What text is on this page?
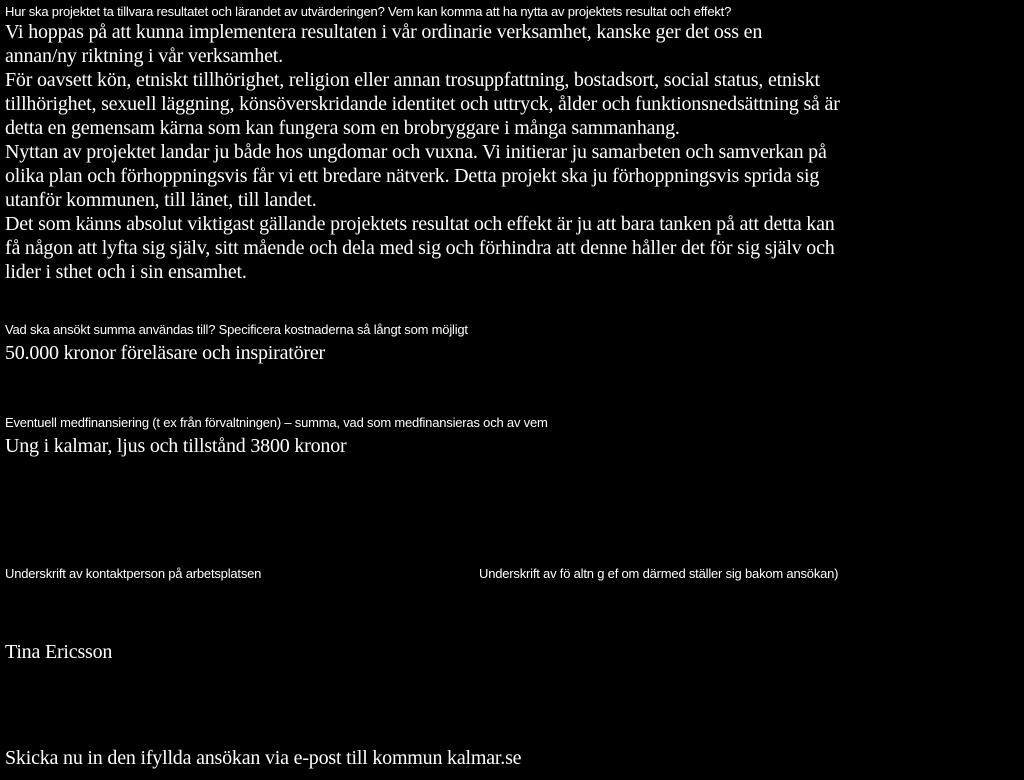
Hur ska projektet ta tillvara resultatet och lärandet av utvärderingen? Vem kan komma att ha nytta av projektets resultat och effekt?
Vi hoppas på att kunna implementera resultaten i vår ordinarie verksamhet, kanske ger det oss en
annan/ny riktning i vår verksamhet.
För oavsett kön, etniskt tillhörighet, religion eller annan trosuppfattning, bostadsort, social status, etniskt
tillhörighet, sexuell läggning, könsöverskridande identitet och uttryck, ålder och funktionsnedsättning så är
detta en gemensam kärna som kan fungera som en brobryggare i många sammanhang.
Nyttan av projektet landar ju både hos ungdomar och vuxna. Vi initierar ju samarbeten och samverkan på
olika plan och förhoppningsvis får vi ett bredare nätverk. Detta projekt ska ju förhoppningsvis sprida sig
utanför kommunen, till länet, till landet.
Det som känns absolut viktigast gällande projektets resultat och effekt är ju att bara tanken på att detta kan
få någon att lyfta sig själv, sitt mående och dela med sig och förhindra att denne håller det för sig själv och
lider i sthet och i sin ensamhet.
Vad ska ansökt summa användas till? Specificera kostnaderna så långt som möjligt
50.000 kronor föreläsare och inspiratörer
Eventuell medfinansiering (t ex från förvaltningen) – summa, vad som medfinansieras och av vem
Ung i kalmar, ljus och tillstånd 3800 kronor
Underskrift av kontaktperson på arbetsplatsen	Underskrift av fö altn g ef om därmed ställer sig bakom ansökan)
Tina Ericsson
Skicka nu in den ifyllda ansökan via e-post till kommun kalmar.se
